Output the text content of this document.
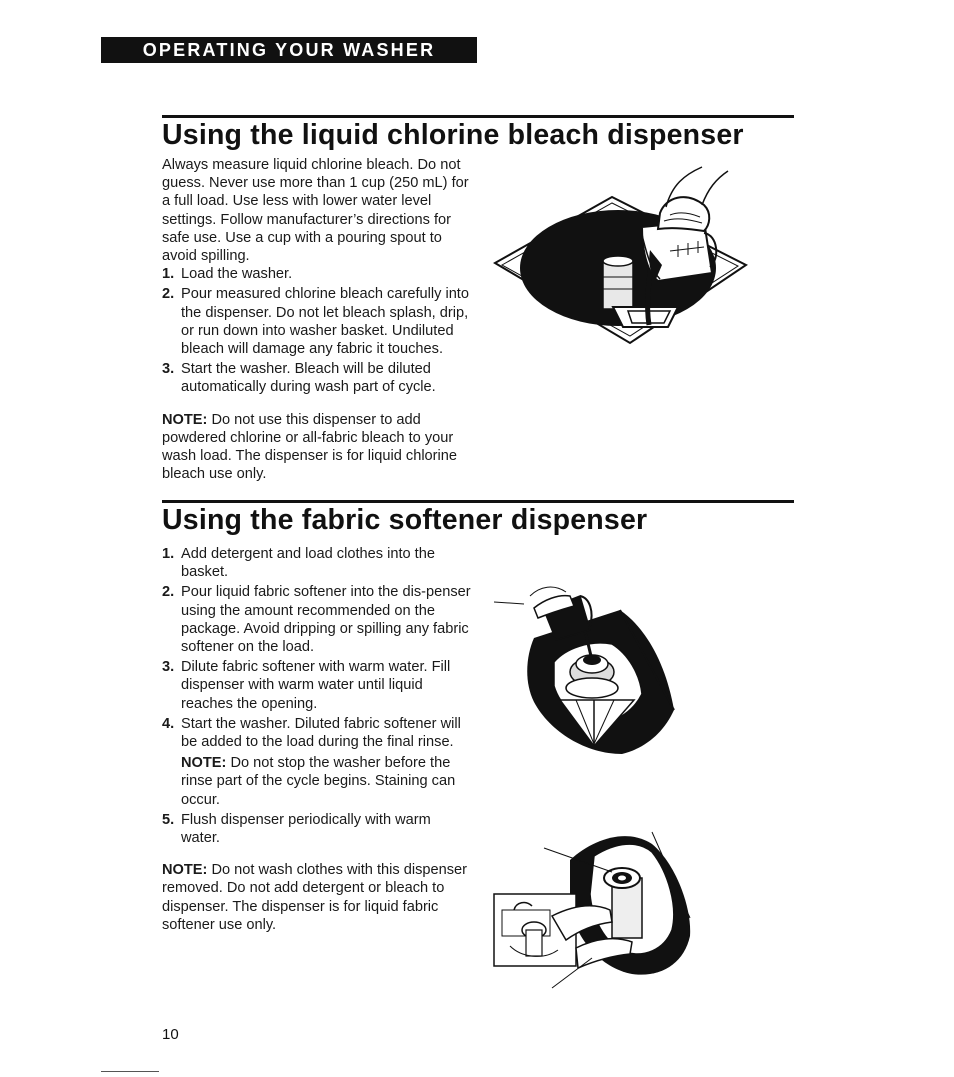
OPERATING YOUR WASHER
Using the liquid chlorine bleach dispenser

Always measure liquid chlorine bleach. Do not guess. Never use more than 1 cup (250 mL) for a full load. Use less with lower water level settings. Follow manufacturer’s directions for safe use. Use a cup with a pouring spout to avoid spilling.

1. Load the washer.
2. Pour measured chlorine bleach carefully into the dispenser. Do not let bleach splash, drip, or run down into washer basket. Undiluted bleach will damage any fabric it touches.
3. Start the washer. Bleach will be diluted automatically during wash part of cycle.

NOTE: Do not use this dispenser to add powdered chlorine or all-fabric bleach to your wash load. The dispenser is for liquid chlorine bleach use only.

Using the fabric softener dispenser
1. Add detergent and load clothes into the basket.
2. Pour liquid fabric softener into the dis-penser using the amount recommended on the package. Avoid dripping or spilling any fabric softener on the load.
3. Dilute fabric softener with warm water. Fill dispenser with warm water until liquid reaches the opening.
4. Start the washer. Diluted fabric softener will be added to the load during the final rinse.
NOTE: Do not stop the washer before the rinse part of the cycle begins. Staining can occur.
5. Flush dispenser periodically with warm water.

NOTE: Do not wash clothes with this dispenser removed. Do not add detergent or bleach to dispenser. The dispenser is for liquid fabric softener use only.

10
